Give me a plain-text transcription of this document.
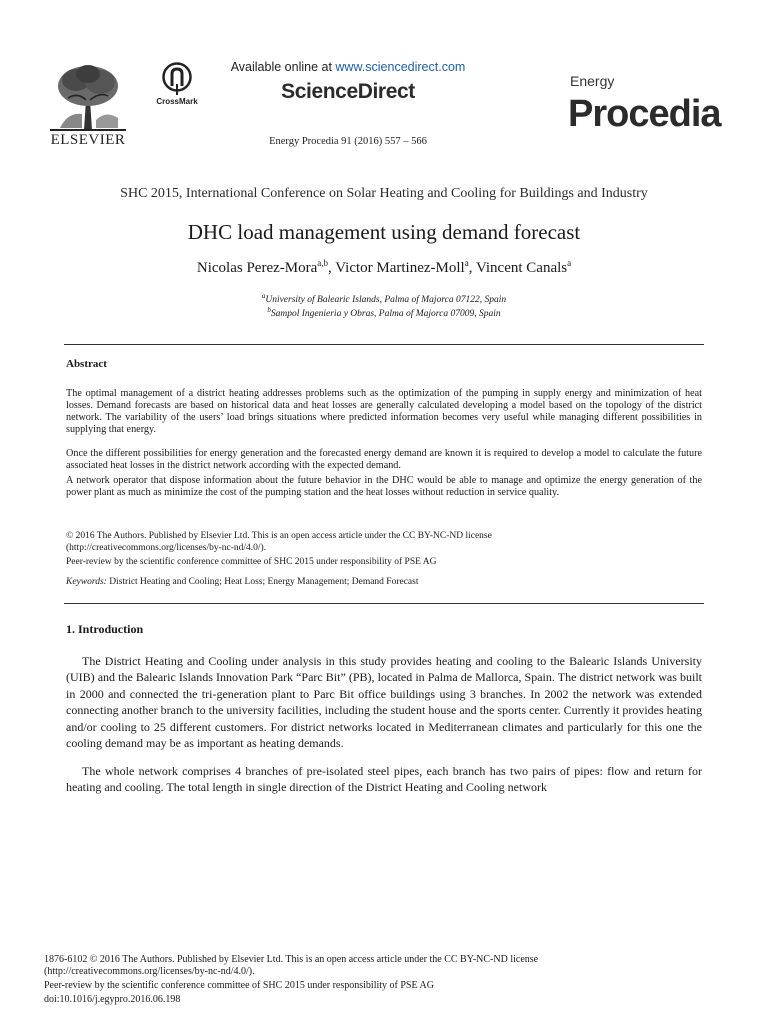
ELSEVIER
CrossMark
Available online at www.sciencedirect.com
ScienceDirect
Energy Procedia 91 (2016) 557 – 566
Energy
Procedia
SHC 2015, International Conference on Solar Heating and Cooling for Buildings and Industry
DHC load management using demand forecast
Nicolas Perez-Mora$^{a,b}$, Victor Martinez-Moll$^a$, Vincent Canals$^a$
$^a$University of Balearic Islands, Palma of Majorca 07122, Spain
$^b$Sampol Ingenieria y Obras, Palma of Majorca 07009, Spain
Abstract
The optimal management of a district heating addresses problems such as the optimization of the pumping in supply energy and minimization of heat losses. Demand forecasts are based on historical data and heat losses are generally calculated developing a model based on the topology of the district network. The variability of the users’ load brings situations where predicted information becomes very useful while managing different possibilities in supplying that energy.
Once the different possibilities for energy generation and the forecasted energy demand are known it is required to develop a model to calculate the future associated heat losses in the district network according with the expected demand.
A network operator that dispose information about the future behavior in the DHC would be able to manage and optimize the energy generation of the power plant as much as minimize the cost of the pumping station and the heat losses without reduction in service quality.
© 2016 The Authors. Published by Elsevier Ltd. This is an open access article under the CC BY-NC-ND license
(http://creativecommons.org/licenses/by-nc-nd/4.0/).
Peer-review by the scientific conference committee of SHC 2015 under responsibility of PSE AG
Keywords: District Heating and Cooling; Heat Loss; Energy Management; Demand Forecast
1. Introduction
The District Heating and Cooling under analysis in this study provides heating and cooling to the Balearic Islands University (UIB) and the Balearic Islands Innovation Park “Parc Bit” (PB), located in Palma de Mallorca, Spain. The district network was built in 2000 and connected the tri-generation plant to Parc Bit office buildings using 3 branches. In 2002 the network was extended connecting another branch to the university facilities, including the student house and the sports center. Currently it provides heating and/or cooling to 25 different customers. For district networks located in Mediterranean climates and particularly for this one the cooling demand may be as important as heating demands.
The whole network comprises 4 branches of pre-isolated steel pipes, each branch has two pairs of pipes: flow and return for heating and cooling. The total length in single direction of the District Heating and Cooling network
1876-6102 © 2016 The Authors. Published by Elsevier Ltd. This is an open access article under the CC BY-NC-ND license
(http://creativecommons.org/licenses/by-nc-nd/4.0/).
Peer-review by the scientific conference committee of SHC 2015 under responsibility of PSE AG
doi:10.1016/j.egypro.2016.06.198
